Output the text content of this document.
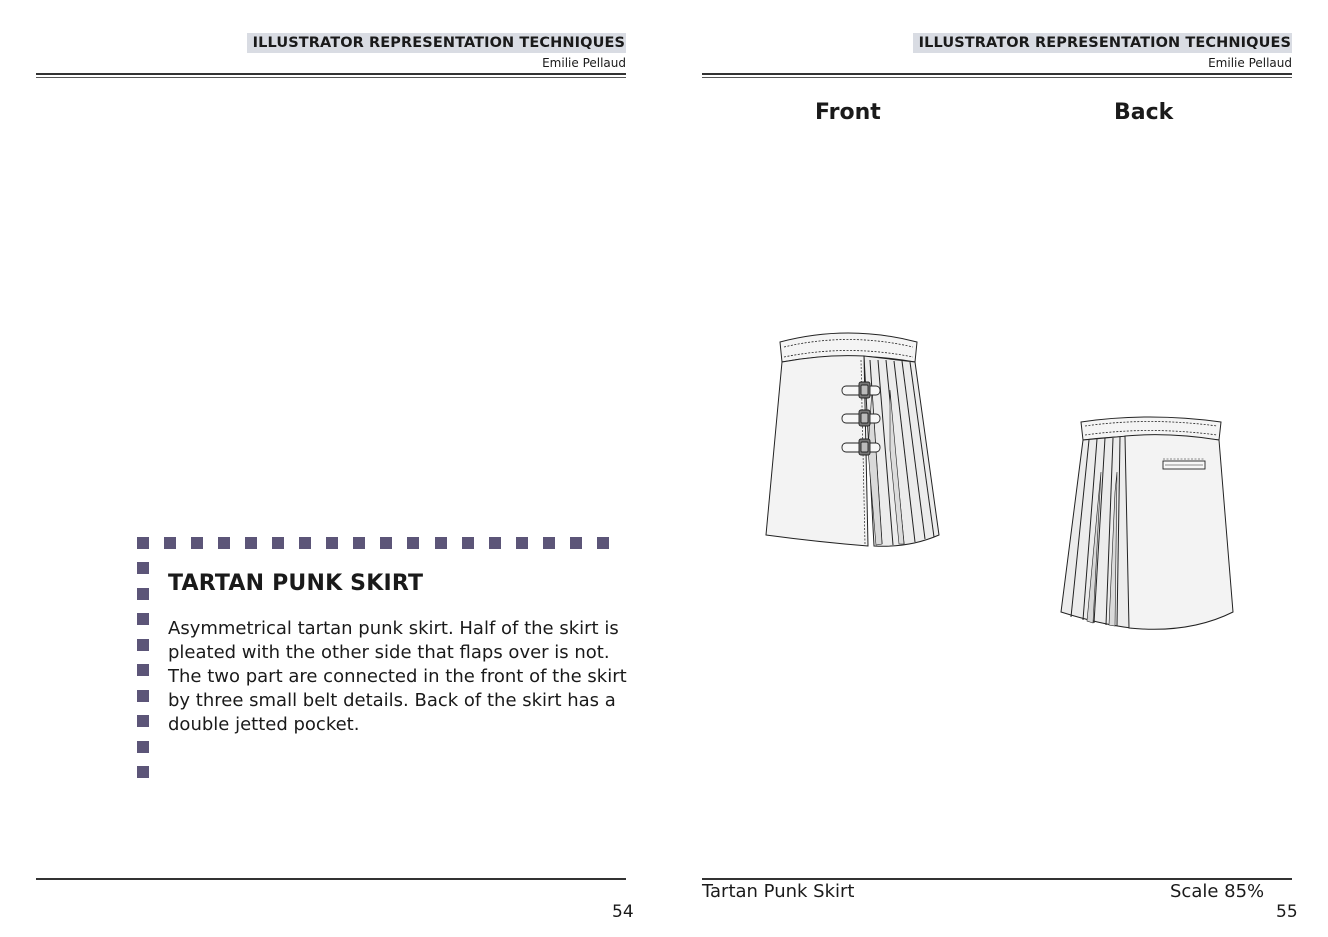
ILLUSTRATOR REPRESENTATION TECHNIQUES
Emilie Pellaud
TARTAN PUNK SKIRT
Asymmetrical tartan punk skirt. Half of the skirt is pleated with the other side that flaps over is not. The two part are connected in the front of the skirt by three small belt details. Back of the skirt has a double jetted pocket.
54
ILLUSTRATOR REPRESENTATION TECHNIQUES
Emilie Pellaud
Front	Back
Tartan Punk Skirt	Scale 85%
55
